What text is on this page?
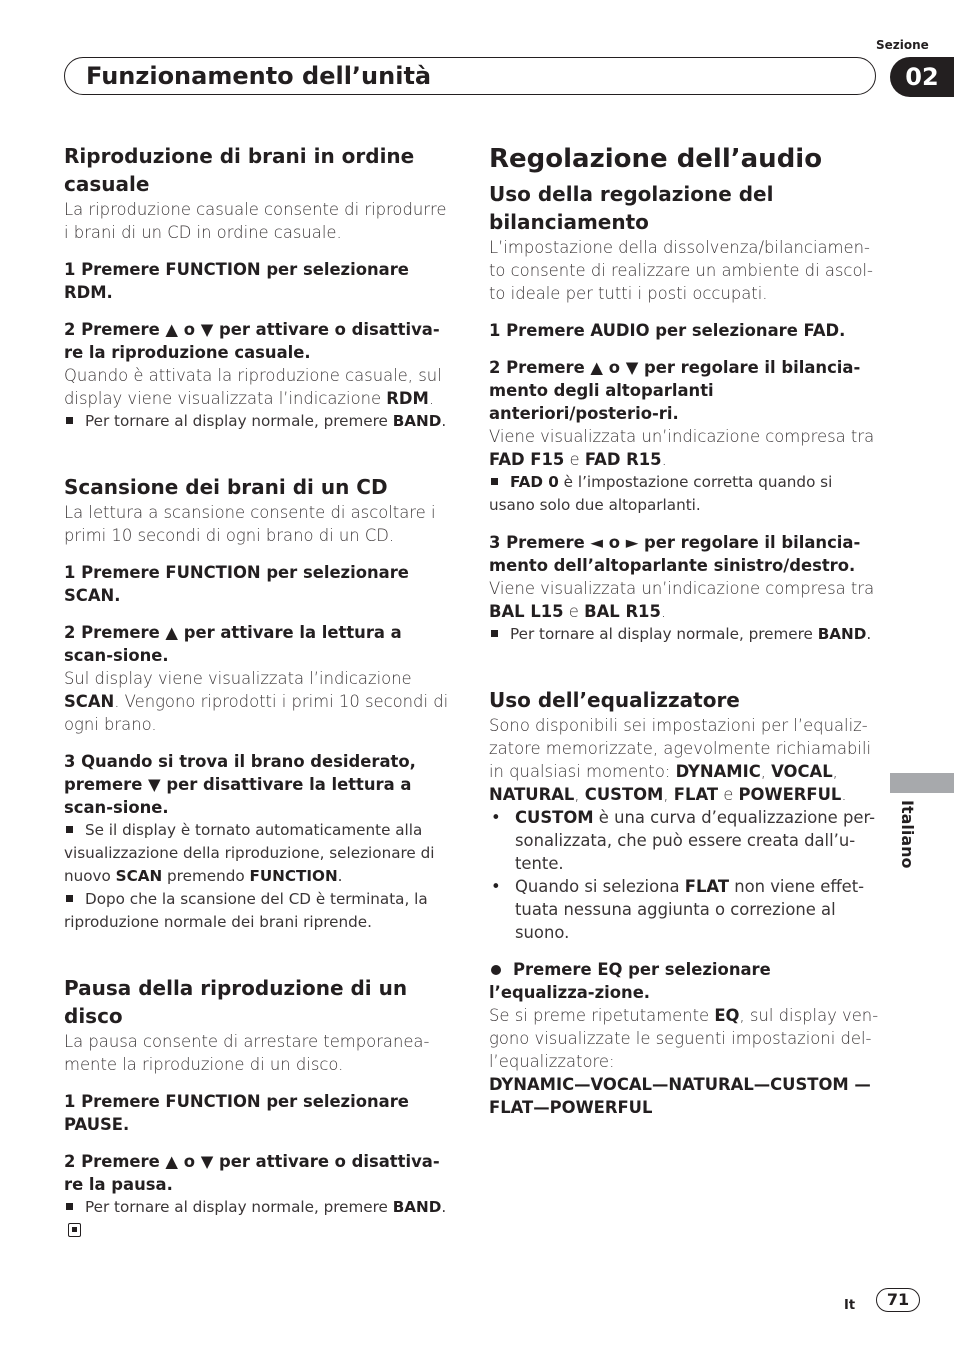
Sezione
Funzionamento dell’unità	02

Riproduzione di brani in ordine casuale

La riproduzione casuale consente di riprodurre i brani di un CD in ordine casuale.

1 Premere FUNCTION per selezionare RDM.

2 Premere ▲ o ▼ per attivare o disattiva-re la riproduzione casuale.

Quando è attivata la riproduzione casuale, sul display viene visualizzata l’indicazione RDM.

Per tornare al display normale, premere BAND.

Scansione dei brani di un CD

La lettura a scansione consente di ascoltare i primi 10 secondi di ogni brano di un CD.

1 Premere FUNCTION per selezionare SCAN.

2 Premere ▲ per attivare la lettura a scan-sione.

Sul display viene visualizzata l’indicazione SCAN. Vengono riprodotti i primi 10 secondi di ogni brano.

3 Quando si trova il brano desiderato, premere ▼ per disattivare la lettura a scan-sione.

Se il display è tornato automaticamente alla visualizzazione della riproduzione, selezionare di nuovo SCAN premendo FUNCTION.

Dopo che la scansione del CD è terminata, la riproduzione normale dei brani riprende.

Pausa della riproduzione di un disco

La pausa consente di arrestare temporanea-mente la riproduzione di un disco.

1 Premere FUNCTION per selezionare PAUSE.

2 Premere ▲ o ▼ per attivare o disattiva-re la pausa.

Per tornare al display normale, premere BAND.

Regolazione dell’audio

Uso della regolazione del bilanciamento

L’impostazione della dissolvenza/bilanciamen-to consente di realizzare un ambiente di ascol-to ideale per tutti i posti occupati.

1 Premere AUDIO per selezionare FAD.

2 Premere ▲ o ▼ per regolare il bilancia-mento degli altoparlanti anteriori/posterio-ri.

Viene visualizzata un’indicazione compresa tra FAD F15 e FAD R15.

FAD 0 è l’impostazione corretta quando si usano solo due altoparlanti.

3 Premere ◄ o ► per regolare il bilancia-mento dell’altoparlante sinistro/destro.

Viene visualizzata un’indicazione compresa tra BAL L15 e BAL R15.

Per tornare al display normale, premere BAND.

Uso dell’equalizzatore

Sono disponibili sei impostazioni per l’equaliz-zatore memorizzate, agevolmente richiamabili in qualsiasi momento: DYNAMIC, VOCAL, NATURAL, CUSTOM, FLAT e POWERFUL.

• CUSTOM è una curva d’equalizzazione per-sonalizzata, che può essere creata dall’u-tente.

• Quando si seleziona FLAT non viene effet-tuata nessuna aggiunta o correzione al suono.

Premere EQ per selezionare l’equalizza-zione.

Se si preme ripetutamente EQ, sul display ven-gono visualizzate le seguenti impostazioni del-l’equalizzatore:

DYNAMIC—VOCAL—NATURAL—CUSTOM —FLAT—POWERFUL

Italiano
It	71
